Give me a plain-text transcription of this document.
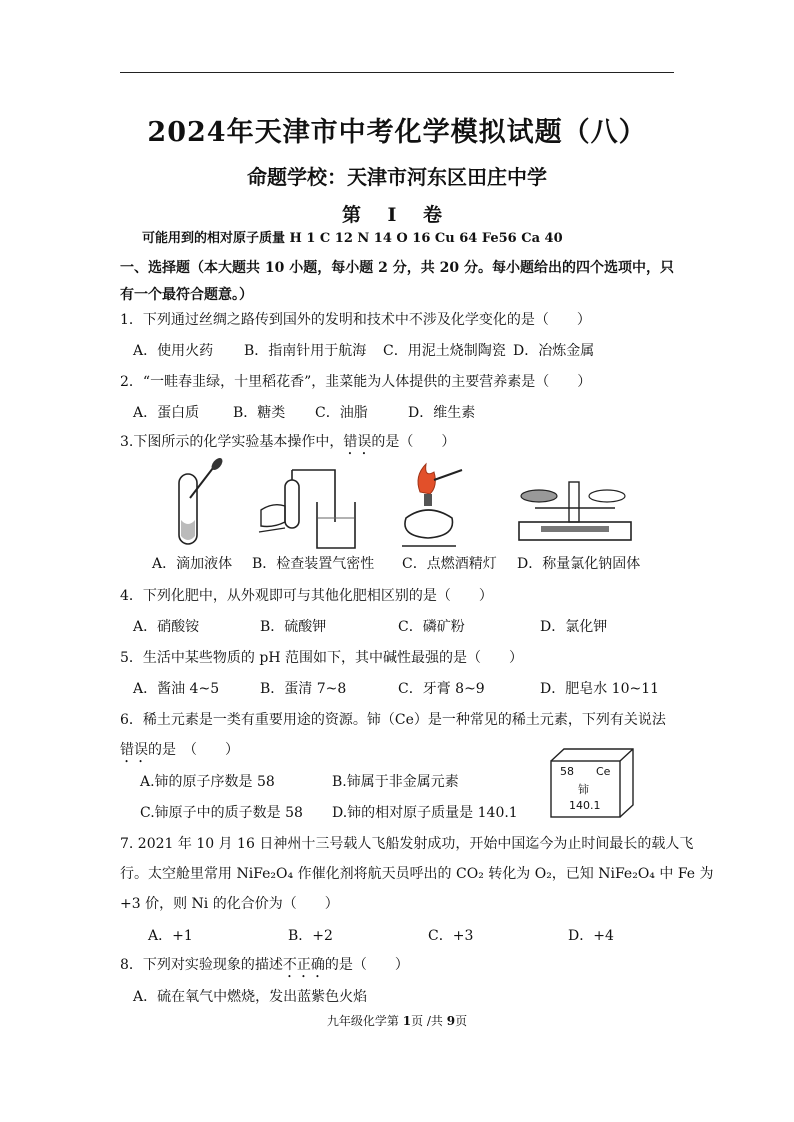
2024年天津市中考化学模拟试题（八）
命题学校：天津市河东区田庄中学
第 Ⅰ 卷
可能用到的相对原子质量 H 1 C 12 N 14 O 16 Cu 64 Fe56 Ca 40
一、选择题（本大题共 10 小题，每小题 2 分，共 20 分。每小题给出的四个选项中，只有一个最符合题意。）
1．下列通过丝绸之路传到国外的发明和技术中不涉及化学变化的是（　　）
A．使用火药 B．指南针用于航海 C．用泥土烧制陶瓷 D．冶炼金属
2．“一畦春韭绿，十里稻花香”，韭菜能为人体提供的主要营养素是（　　）
A．蛋白质 B．糖类 C．油脂	D．维生素
3.下图所示的化学实验基本操作中，错误的是（　　）
A．滴加液体 B．检查装置气密性 C．点燃酒精灯 D．称量氯化钠固体
4．下列化肥中，从外观即可与其他化肥相区别的是（　　）
A．硝酸铵	B．硫酸钾	C．磷矿粉	D．氯化钾
5．生活中某些物质的 pH 范围如下，其中碱性最强的是（　　）
A．酱油 4~5	B．蛋清 7~8	C．牙膏 8~9	D．肥皂水 10~11
6．稀土元素是一类有重要用途的资源。铈（Ce）是一种常见的稀土元素，下列有关说法
错误的是　（　　）
A.铈的原子序数是 58	B.铈属于非金属元素
C.铈原子中的质子数是 58 D.铈的相对原子质量是 140.1
58 Ce
铈
140.1
7. 2021 年 10 月 16 日神州十三号载人飞船发射成功，开始中国迄今为止时间最长的载人飞
行。太空舱里常用 NiFe₂O₄ 作催化剂将航天员呼出的 CO₂ 转化为 O₂，已知 NiFe₂O₄ 中 Fe 为
+3 价，则 Ni 的化合价为（　　）
A．+1	B．+2	C．+3	D．+4
8．下列对实验现象的描述不正确的是（　　）
A．硫在氧气中燃烧，发出蓝紫色火焰
九年级化学第 1页 /共 9页
